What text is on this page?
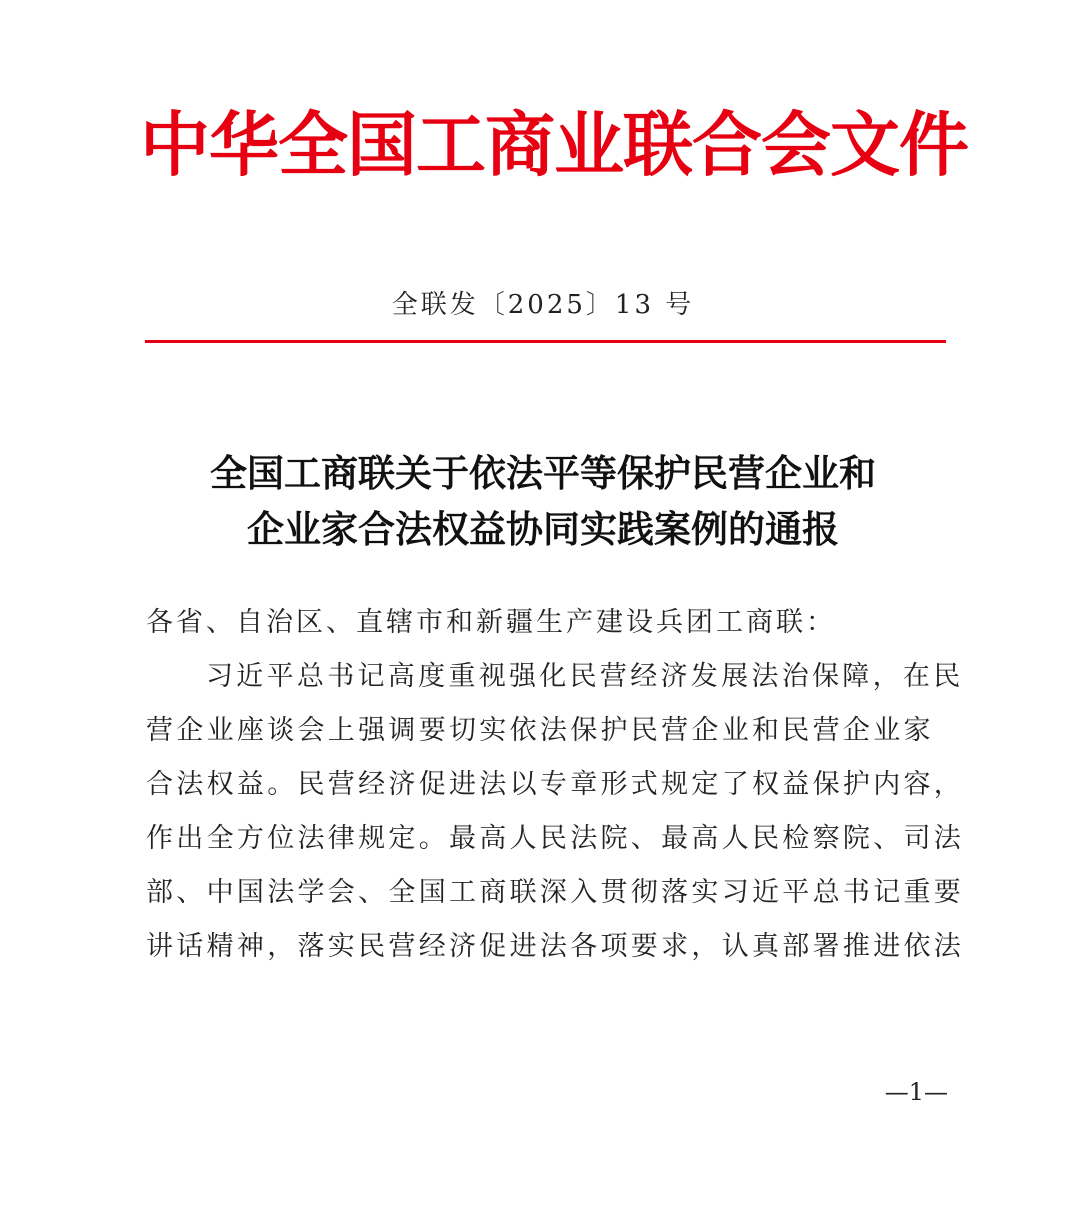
中华全国工商业联合会文件
全联发〔2025〕13 号
全国工商联关于依法平等保护民营企业和
企业家合法权益协同实践案例的通报
各省、自治区、直辖市和新疆生产建设兵团工商联：
习近平总书记高度重视强化民营经济发展法治保障，在民
营企业座谈会上强调要切实依法保护民营企业和民营企业家
合法权益。民营经济促进法以专章形式规定了权益保护内容，
作出全方位法律规定。最高人民法院、最高人民检察院、司法
部、中国法学会、全国工商联深入贯彻落实习近平总书记重要
讲话精神，落实民营经济促进法各项要求，认真部署推进依法
—1—
